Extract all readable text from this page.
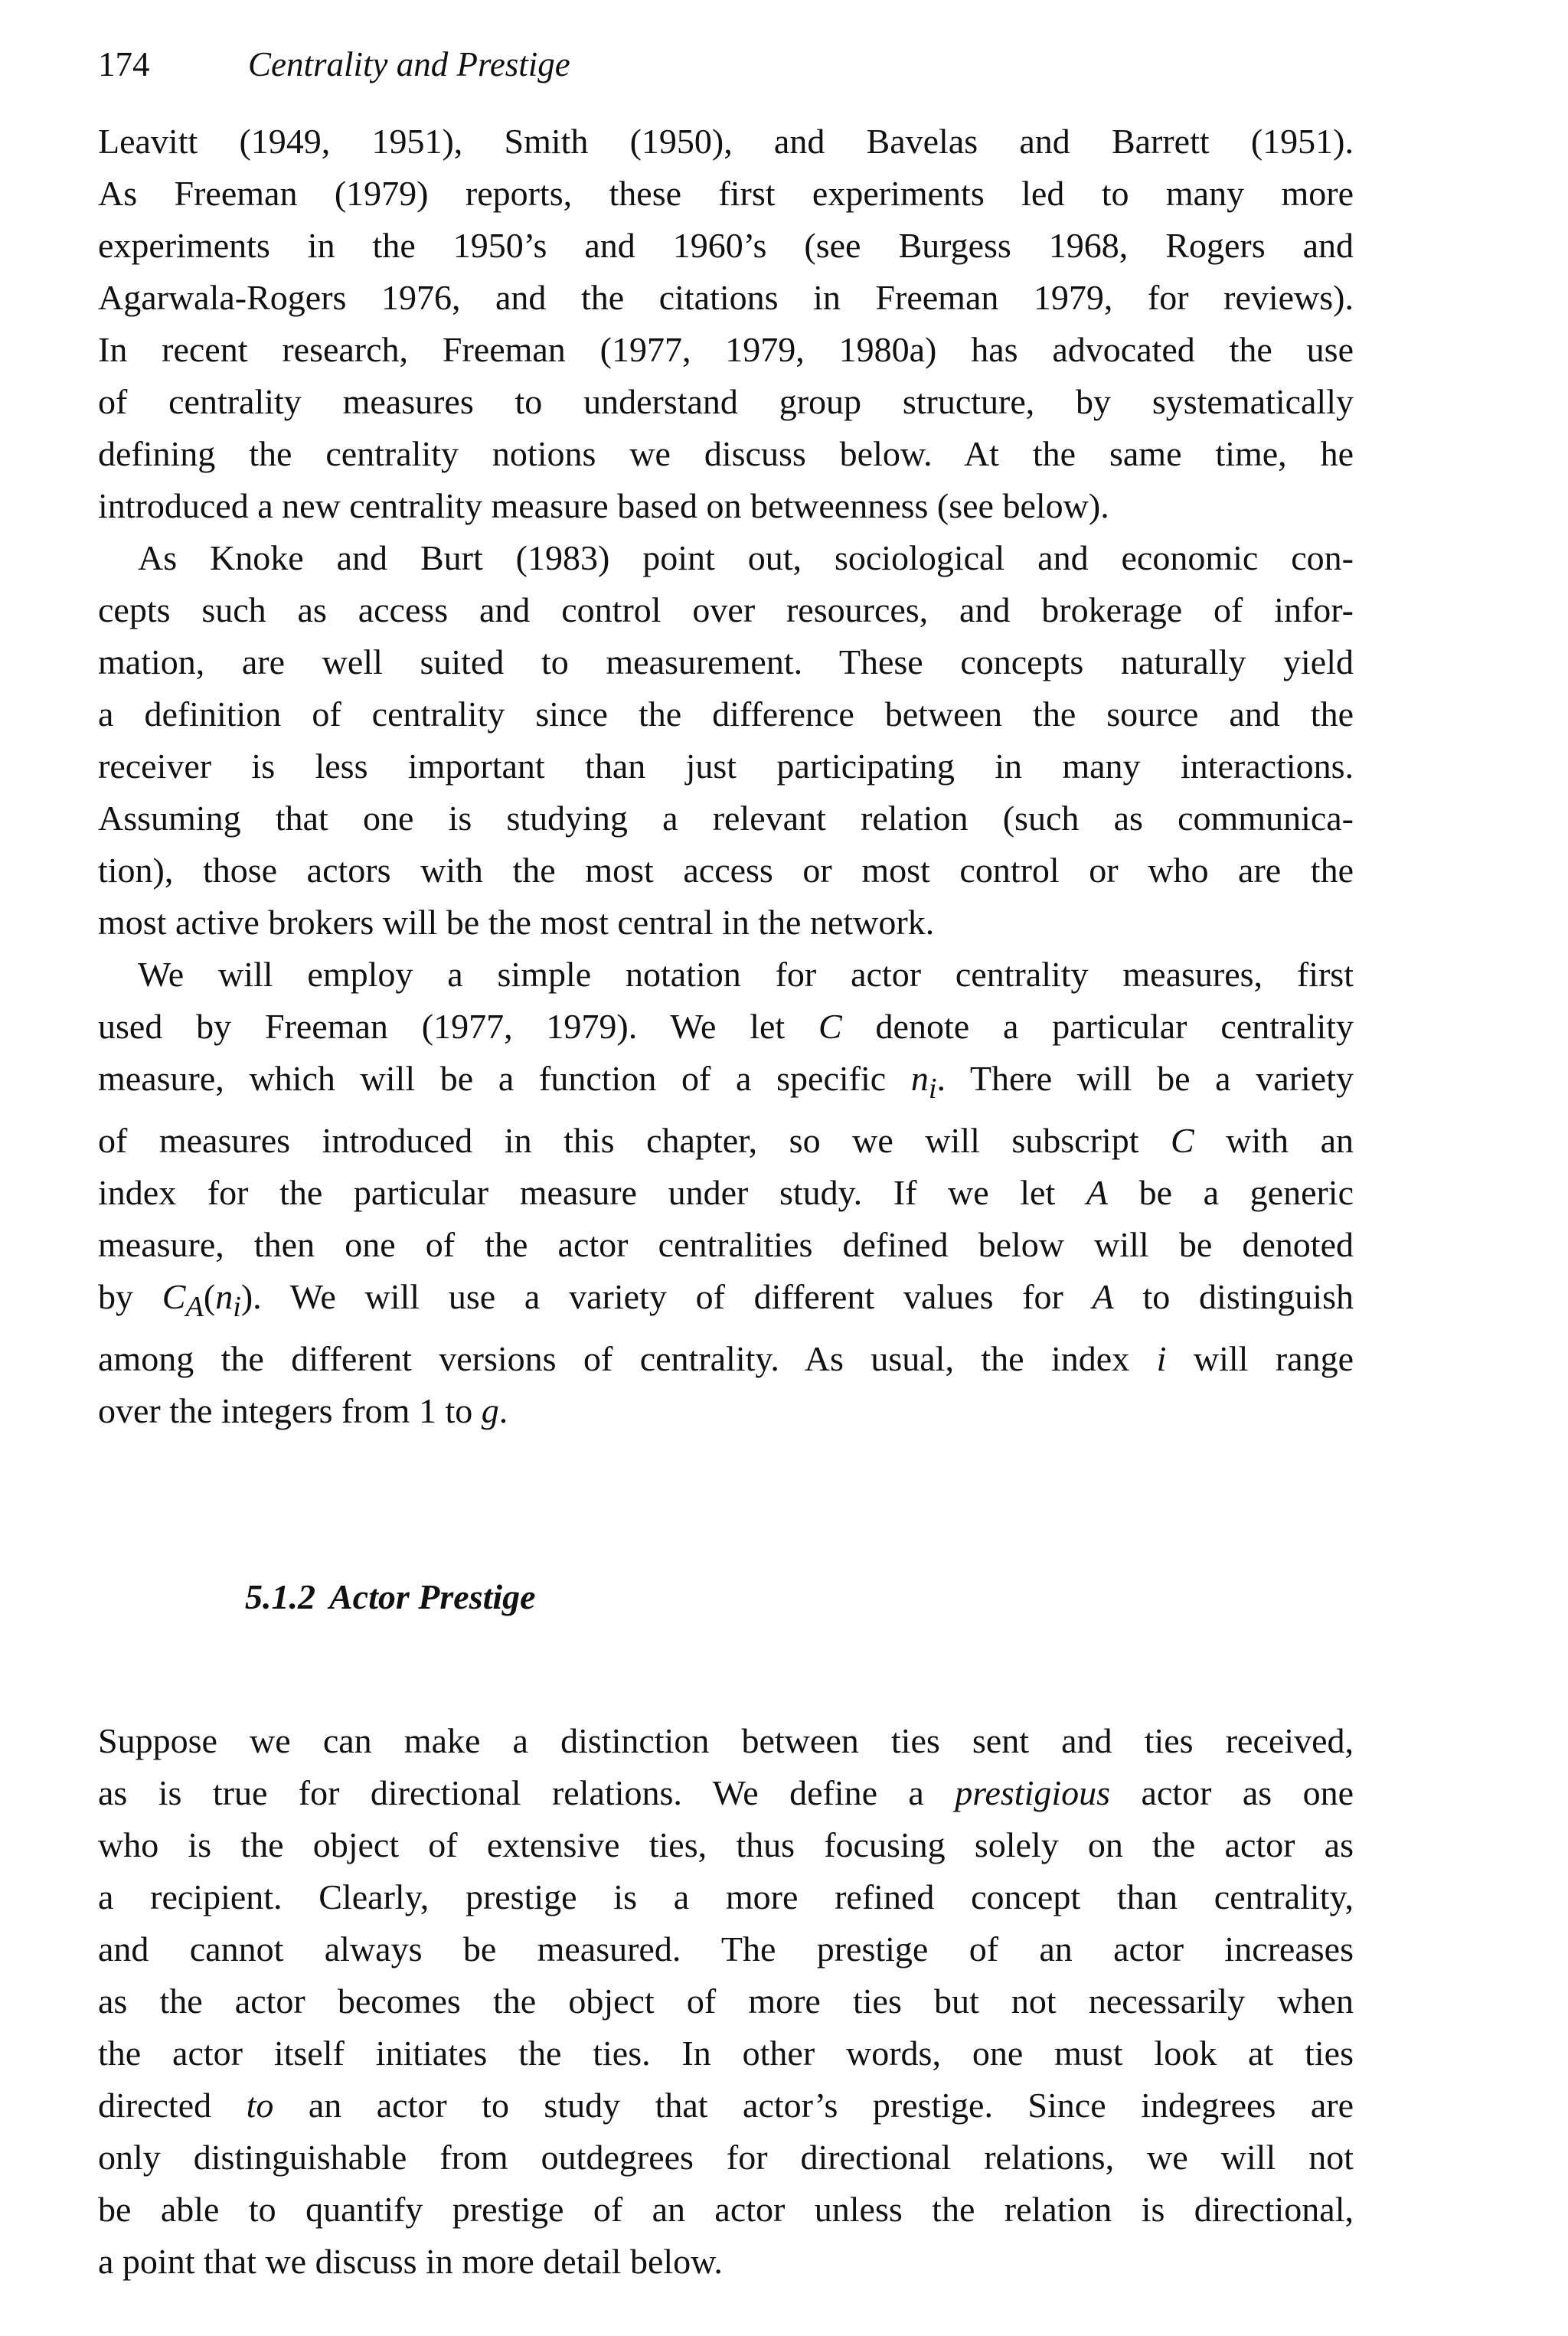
174	Centrality and Prestige

Leavitt (1949, 1951), Smith (1950), and Bavelas and Barrett (1951).
As Freeman (1979) reports, these first experiments led to many more
experiments in the 1950’s and 1960’s (see Burgess 1968, Rogers and
Agarwala-Rogers 1976, and the citations in Freeman 1979, for reviews).
In recent research, Freeman (1977, 1979, 1980a) has advocated the use
of centrality measures to understand group structure, by systematically
defining the centrality notions we discuss below. At the same time, he
introduced a new centrality measure based on betweenness (see below).

As Knoke and Burt (1983) point out, sociological and economic con-
cepts such as access and control over resources, and brokerage of infor-
mation, are well suited to measurement. These concepts naturally yield
a definition of centrality since the difference between the source and the
receiver is less important than just participating in many interactions.
Assuming that one is studying a relevant relation (such as communica-
tion), those actors with the most access or most control or who are the
most active brokers will be the most central in the network.

We will employ a simple notation for actor centrality measures, first
used by Freeman (1977, 1979). We let C denote a particular centrality
measure, which will be a function of a specific $n_i$. There will be a variety
of measures introduced in this chapter, so we will subscript C with an
index for the particular measure under study. If we let A be a generic
measure, then one of the actor centralities defined below will be denoted
by $C_A(n_i)$. We will use a variety of different values for A to distinguish
among the different versions of centrality. As usual, the index i will range
over the integers from 1 to g.

5.1.2 Actor Prestige

Suppose we can make a distinction between ties sent and ties received,
as is true for directional relations. We define a prestigious actor as one
who is the object of extensive ties, thus focusing solely on the actor as
a recipient. Clearly, prestige is a more refined concept than centrality,
and cannot always be measured. The prestige of an actor increases
as the actor becomes the object of more ties but not necessarily when
the actor itself initiates the ties. In other words, one must look at ties
directed to an actor to study that actor’s prestige. Since indegrees are
only distinguishable from outdegrees for directional relations, we will not
be able to quantify prestige of an actor unless the relation is directional,
a point that we discuss in more detail below.
